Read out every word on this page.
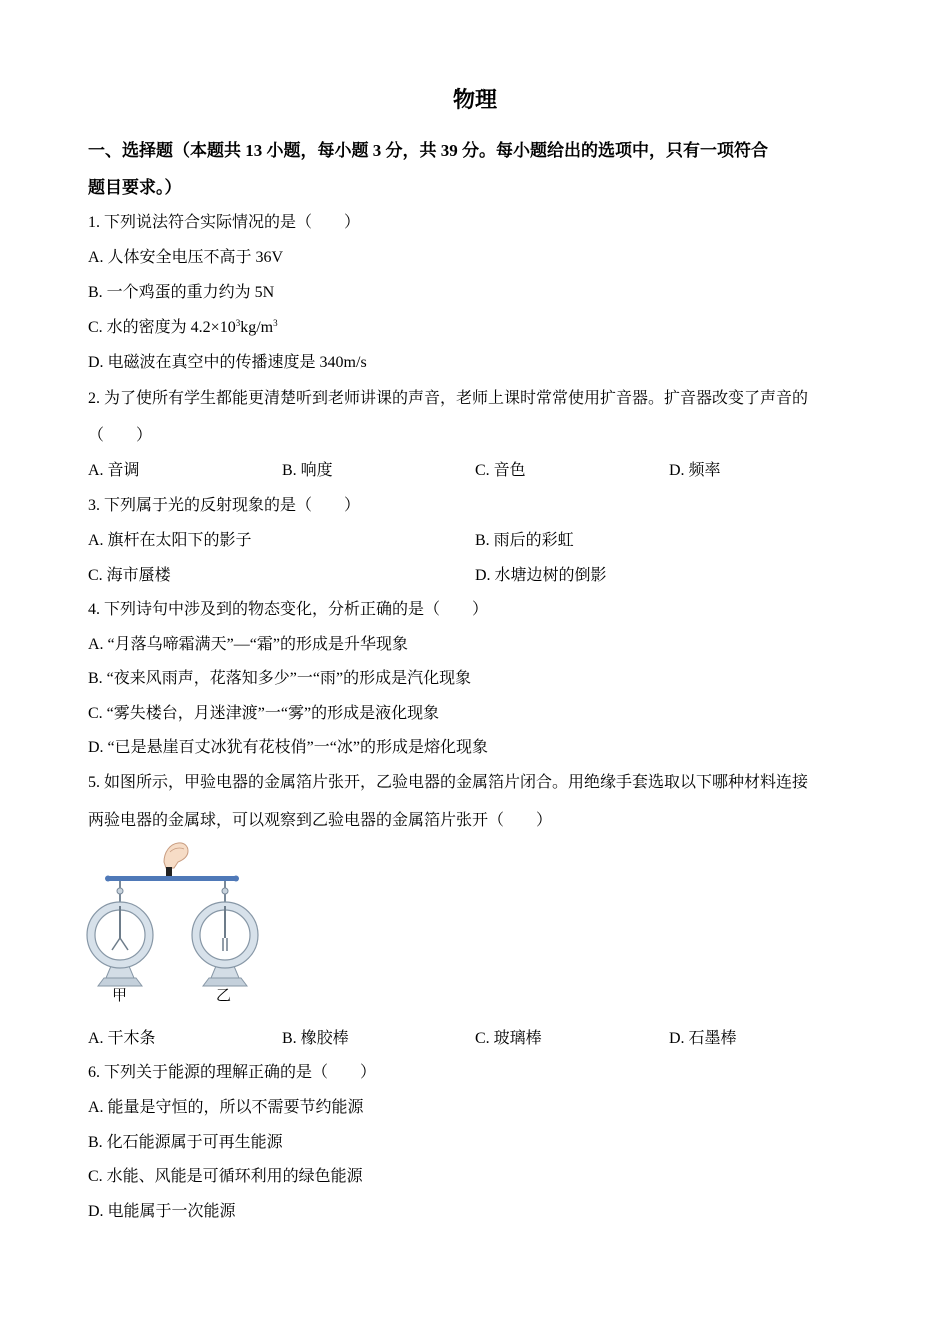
物理
一、选择题（本题共 13 小题，每小题 3 分，共 39 分。每小题给出的选项中，只有一项符合
题目要求。）
1. 下列说法符合实际情况的是（　　）
A. 人体安全电压不高于 36V
B. 一个鸡蛋的重力约为 5N
C. 水的密度为 $4.2\times 10^3kg/m^3$
D. 电磁波在真空中的传播速度是 340m/s
2. 为了使所有学生都能更清楚听到老师讲课的声音，老师上课时常常使用扩音器。扩音器改变了声音的
（　　）
A. 音调	B. 响度	C. 音色	D. 频率
3. 下列属于光的反射现象的是（　　）
A. 旗杆在太阳下的影子	B. 雨后的彩虹
C. 海市蜃楼	D. 水塘边树的倒影
4. 下列诗句中涉及到的物态变化，分析正确的是（　　）
A. “月落乌啼霜满天”—“霜”的形成是升华现象
B. “夜来风雨声，花落知多少”一“雨”的形成是汽化现象
C. “雾失楼台，月迷津渡”一“雾”的形成是液化现象
D. “已是悬崖百丈冰犹有花枝俏”一“冰”的形成是熔化现象
5. 如图所示，甲验电器的金属箔片张开，乙验电器的金属箔片闭合。用绝缘手套选取以下哪种材料连接
两验电器的金属球，可以观察到乙验电器的金属箔片张开（　　）
甲	乙
A. 干木条	B. 橡胶棒	C. 玻璃棒	D. 石墨棒
6. 下列关于能源的理解正确的是（　　）
A. 能量是守恒的，所以不需要节约能源
B. 化石能源属于可再生能源
C. 水能、风能是可循环利用的绿色能源
D. 电能属于一次能源
